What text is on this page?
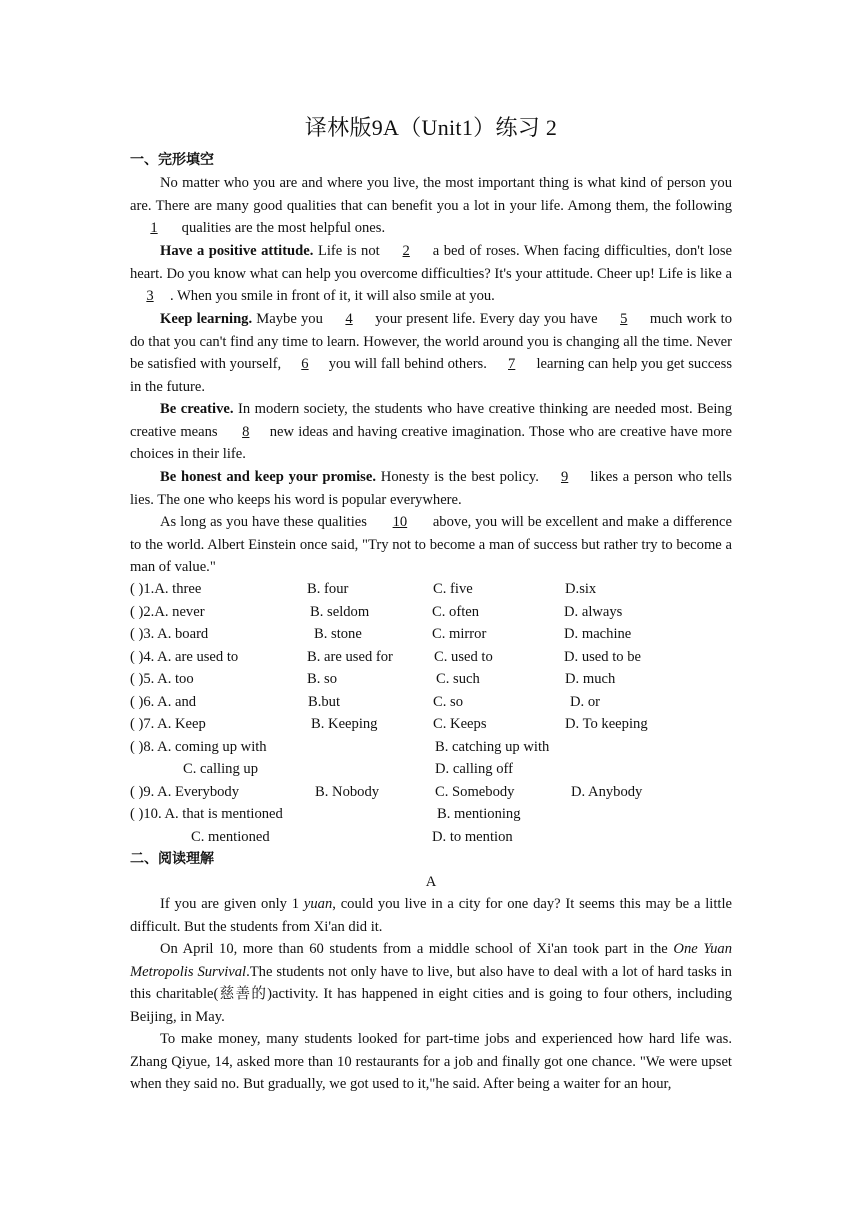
译林版9A（Unit1）练习 2
一、完形填空

No matter who you are and where you live, the most important thing is what kind of person you are. There are many good qualities that can benefit you a lot in your life. Among them, the following 1 qualities are the most helpful ones.

Have a positive attitude. Life is not 2 a bed of roses. When facing difficulties, don't lose heart. Do you know what can help you overcome difficulties? It's your attitude. Cheer up! Life is like a 3 . When you smile in front of it, it will also smile at you.

Keep learning. Maybe you 4 your present life. Every day you have 5 much work to do that you can't find any time to learn. However, the world around you is changing all the time. Never be satisfied with yourself, 6 you will fall behind others. 7 learning can help you get success in the future.

Be creative. In modern society, the students who have creative thinking are needed most. Being creative means 8 new ideas and having creative imagination. Those who are creative have more choices in their life.

Be honest and keep your promise. Honesty is the best policy. 9 likes a person who tells lies. The one who keeps his word is popular everywhere.

As long as you have these qualities 10 above, you will be excellent and make a difference to the world. Albert Einstein once said, "Try not to become a man of success but rather try to become a man of value."

( )1.A. three	B. four	C. five	D.six
( )2.A. never	B. seldom	C. often	D. always
( )3. A. board	B. stone	C. mirror	D. machine
( )4. A. are used to	B. are used for	C. used to	D. used to be
( )5. A. too	B. so	C. such	D. much
( )6. A. and	B.but	C. so	D. or
( )7. A. Keep	B. Keeping	C. Keeps	D. To keeping
( )8. A. coming up with	B. catching up with
C. calling up	D. calling off
( )9. A. Everybody	B. Nobody	C. Somebody	D. Anybody
( )10. A. that is mentioned	B. mentioning
C. mentioned	D. to mention
二、阅读理解
A

If you are given only 1 yuan, could you live in a city for one day? It seems this may be a little difficult. But the students from Xi'an did it.

On April 10, more than 60 students from a middle school of Xi'an took part in the One Yuan Metropolis Survival.The students not only have to live, but also have to deal with a lot of hard tasks in this charitable(慈善的)activity. It has happened in eight cities and is going to four others, including Beijing, in May.

To make money, many students looked for part-time jobs and experienced how hard life was. Zhang Qiyue, 14, asked more than 10 restaurants for a job and finally got one chance. "We were upset when they said no. But gradually, we got used to it,"he said. After being a waiter for an hour,
